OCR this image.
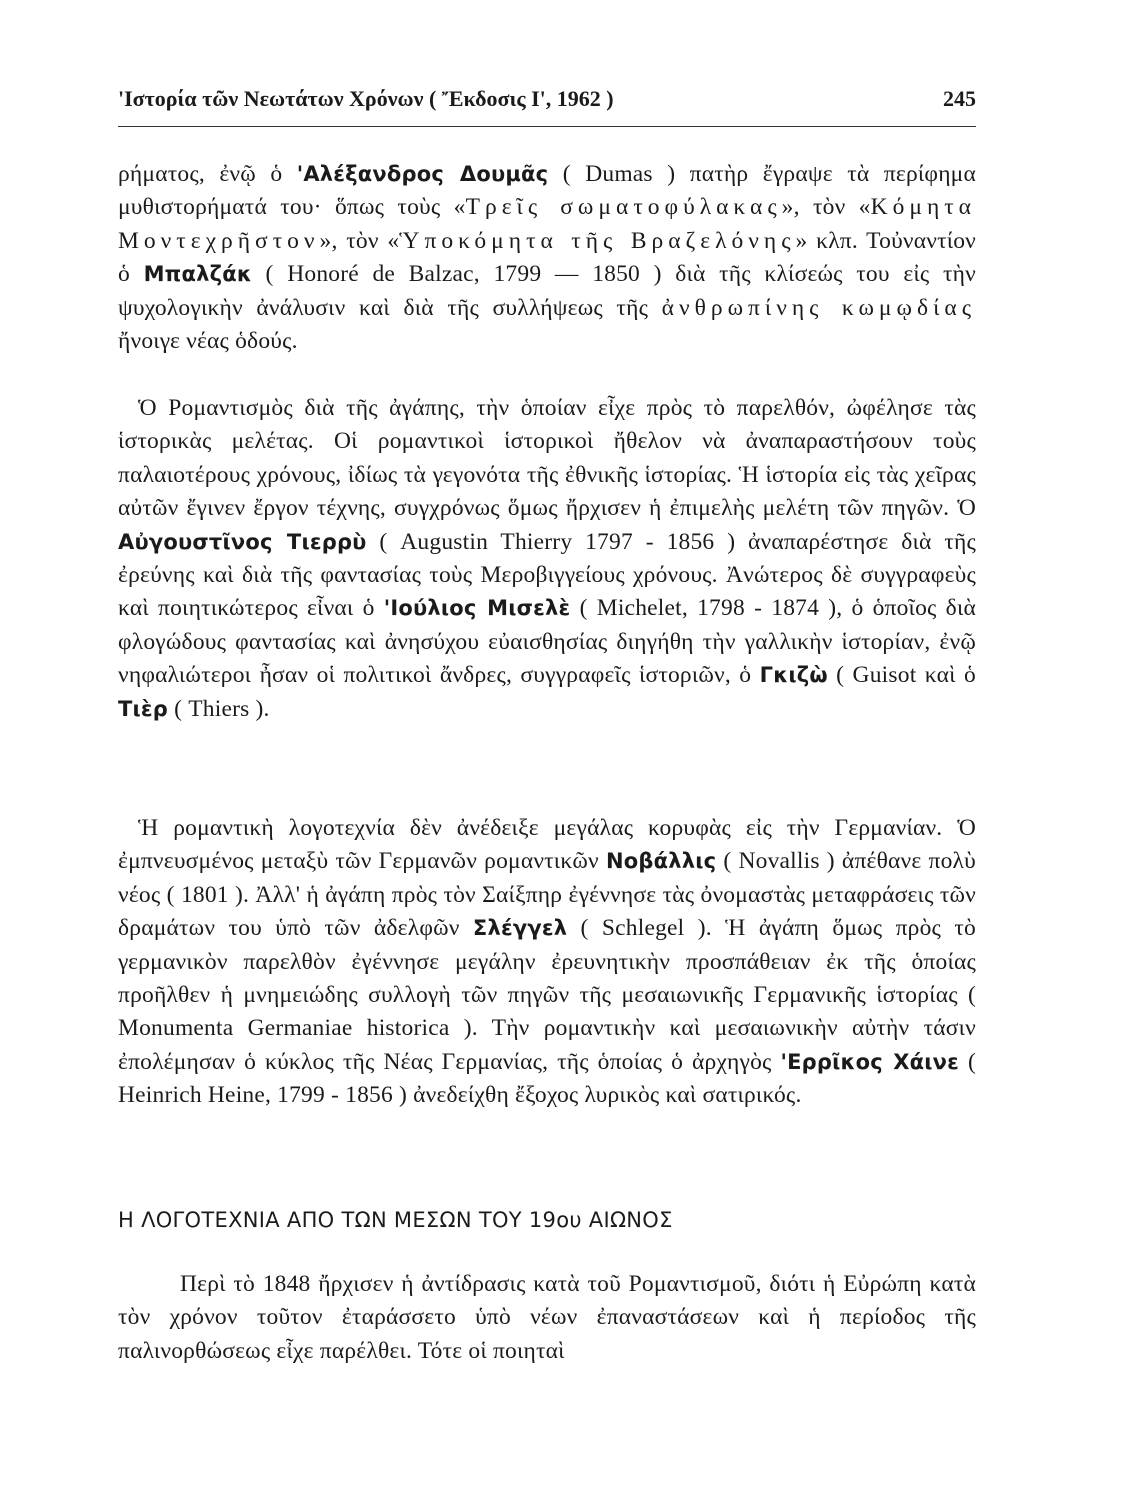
'Ιστορία τῶν Νεωτάτων Χρόνων ( Ἔκδοσις Ι', 1962 )	245

ρήματος, ἐνῷ ὁ 'Αλέξανδρος Δουμᾶς ( Dumas ) πατὴρ ἔγραψε τὰ περίφημα μυθιστορήματά του· ὅπως τοὺς «Τρεῖς σωματοφύλακας», τὸν «Κόμητα Μοντεχρῆστον», τὸν «Ὑποκόμητα τῆς Βραζελόνης» κλπ. Τοὐναντίον ὁ Μπαλζάκ ( Honoré de Balzac, 1799 — 1850 ) διὰ τῆς κλίσεώς του εἰς τὴν ψυχολογικὴν ἀνάλυσιν καὶ διὰ τῆς συλλήψεως τῆς ἀνθρωπίνης κωμῳδίας ἤνοιγε νέας ὁδούς.

Ὁ Ρομαντισμὸς διὰ τῆς ἀγάπης, τὴν ὁποίαν εἶχε πρὸς τὸ παρελθόν, ὠφέλησε τὰς ἱστορικὰς μελέτας. Οἱ ρομαντικοὶ ἱστορικοὶ ἤθελον νὰ ἀναπαραστήσουν τοὺς παλαιοτέρους χρόνους, ἰδίως τὰ γεγονότα τῆς ἐθνικῆς ἱστορίας. Ἡ ἱστορία εἰς τὰς χεῖρας αὐτῶν ἔγινεν ἔργον τέχνης, συγχρόνως ὅμως ἤρχισεν ἡ ἐπιμελὴς μελέτη τῶν πηγῶν. Ὁ Αὐγουστῖνος Τιερρὺ ( Augustin Thierry 1797 - 1856 ) ἀναπαρέστησε διὰ τῆς ἐρεύνης καὶ διὰ τῆς φαντασίας τοὺς Μεροβιγγείους χρόνους. Ἀνώτερος δὲ συγγραφεὺς καὶ ποιητικώτερος εἶναι ὁ 'Ιούλιος Μισελὲ ( Michelet, 1798 - 1874 ), ὁ ὁποῖος διὰ φλογώδους φαντασίας καὶ ἀνησύχου εὐαισθησίας διηγήθη τὴν γαλλικὴν ἱστορίαν, ἐνῷ νηφαλιώτεροι ἦσαν οἱ πολιτικοὶ ἄνδρες, συγγραφεῖς ἱστοριῶν, ὁ Γκιζὼ ( Guisot καὶ ὁ Τιὲρ ( Thiers ).

Ἡ ρομαντικὴ λογοτεχνία δὲν ἀνέδειξε μεγάλας κορυφὰς εἰς τὴν Γερμανίαν. Ὁ ἐμπνευσμένος μεταξὺ τῶν Γερμανῶν ρομαντικῶν Νοβάλλις ( Novallis ) ἀπέθανε πολὺ νέος ( 1801 ). Ἀλλ' ἡ ἀγάπη πρὸς τὸν Σαίξπηρ ἐγέννησε τὰς ὀνομαστὰς μεταφράσεις τῶν δραμάτων του ὑπὸ τῶν ἀδελφῶν Σλέγγελ ( Schlegel ). Ἡ ἀγάπη ὅμως πρὸς τὸ γερμανικὸν παρελθὸν ἐγέννησε μεγάλην ἐρευνητικὴν προσπάθειαν ἐκ τῆς ὁποίας προῆλθεν ἡ μνημειώδης συλλογὴ τῶν πηγῶν τῆς μεσαιωνικῆς Γερμανικῆς ἱστορίας ( Monumenta Germaniae historica ). Τὴν ρομαντικὴν καὶ μεσαιωνικὴν αὐτὴν τάσιν ἐπολέμησαν ὁ κύκλος τῆς Νέας Γερμανίας, τῆς ὁποίας ὁ ἀρχηγὸς 'Ερρῖκος Χάινε ( Heinrich Heine, 1799 - 1856 ) ἀνεδείχθη ἔξοχος λυρικὸς καὶ σατιρικός.

Η ΛΟΓΟΤΕΧΝΙΑ ΑΠΟ ΤΩΝ ΜΕΣΩΝ ΤΟΥ 19ου ΑΙΩΝΟΣ

Περὶ τὸ 1848 ἤρχισεν ἡ ἀντίδρασις κατὰ τοῦ Ρομαντισμοῦ, διότι ἡ Εὐρώπη κατὰ τὸν χρόνον τοῦτον ἐταράσσετο ὑπὸ νέων ἐπαναστάσεων καὶ ἡ περίοδος τῆς παλινορθώσεως εἶχε παρέλθει. Τότε οἱ ποιηταὶ
